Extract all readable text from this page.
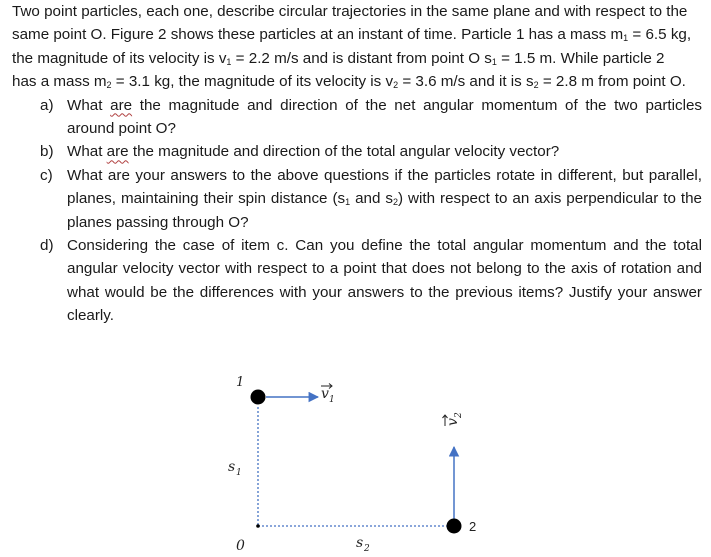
Two point particles, each one, describe circular trajectories in the same plane and with respect to the
same point O. Figure 2 shows these particles at an instant of time. Particle 1 has a mass $m_1 = 6.5$ kg,
the magnitude of its velocity is $v_1 = 2.2$ m/s and is distant from point O $s_1 = 1.5$ m. While particle 2
has a mass $m_2 = 3.1$ kg, the magnitude of its velocity is $v_2 = 3.6$ m/s and it is $s_2 = 2.8$ m from point O.
a) What are the magnitude and direction of the net angular momentum of the two particles around point O?
b) What are the magnitude and direction of the total angular velocity vector?
c) What are your answers to the above questions if the particles rotate in different, but parallel, planes, maintaining their spin distance ($s_1$ and $s_2$) with respect to an axis perpendicular to the planes passing through O?
d) Considering the case of item c. Can you define the total angular momentum and the total angular velocity vector with respect to a point that does not belong to the axis of rotation and what would be the differences with your answers to the previous items? Justify your answer clearly.
1
2
0
v 1
v
2
s 1
s 2
